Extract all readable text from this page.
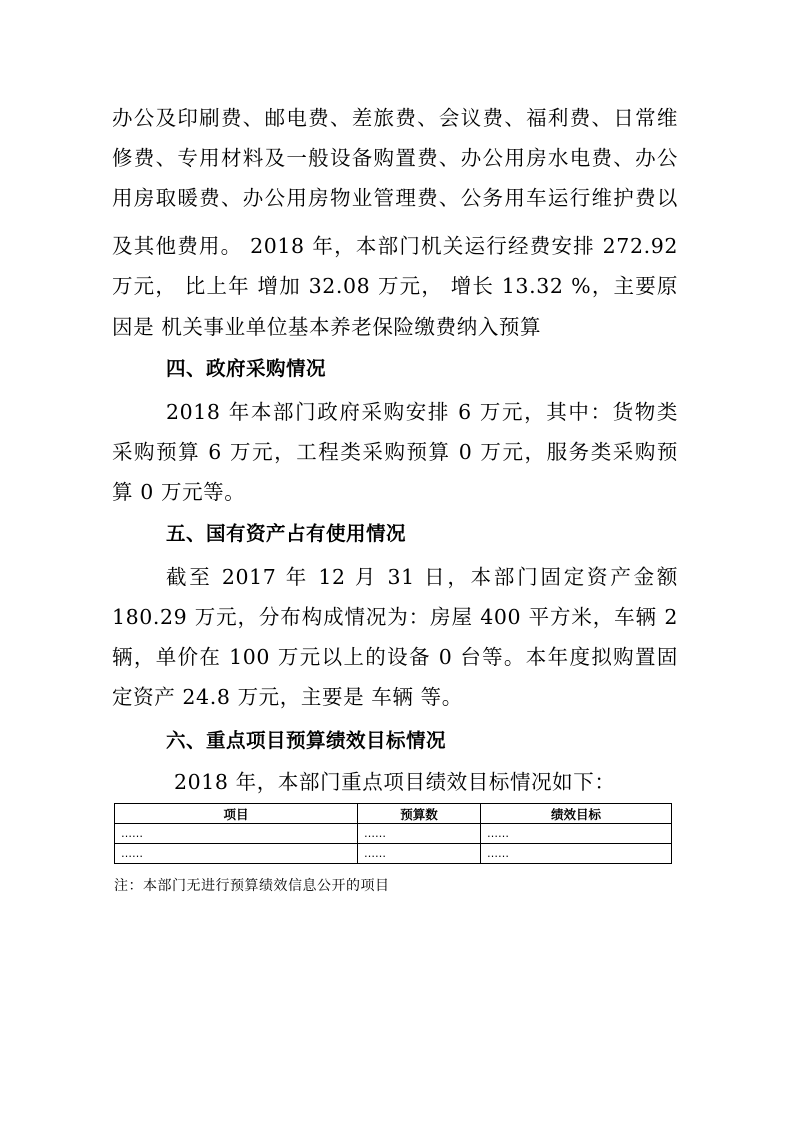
办公及印刷费、邮电费、差旅费、会议费、福利费、日常维
修费、专用材料及一般设备购置费、办公用房水电费、办公
用房取暖费、办公用房物业管理费、公务用车运行维护费以
及其他费用。 2018 年，本部门机关运行经费安排 272.92
万元， 比上年 增加 32.08 万元， 增长 13.32 %，主要原
因是 机关事业单位基本养老保险缴费纳入预算
四、政府采购情况
2018 年本部门政府采购安排 6 万元，其中：货物类
采购预算 6 万元，工程类采购预算 0 万元，服务类采购预
算 0 万元等。
五、国有资产占有使用情况
截至 2017 年 12 月 31 日，本部门固定资产金额
180.29 万元，分布构成情况为：房屋 400 平方米，车辆 2
辆，单价在 100 万元以上的设备 0 台等。本年度拟购置固
定资产 24.8 万元，主要是 车辆 等。
六、重点项目预算绩效目标情况
2018 年，本部门重点项目绩效目标情况如下：
项目	预算数	绩效目标
……	……	……
……	……	……
注：本部门无进行预算绩效信息公开的项目
